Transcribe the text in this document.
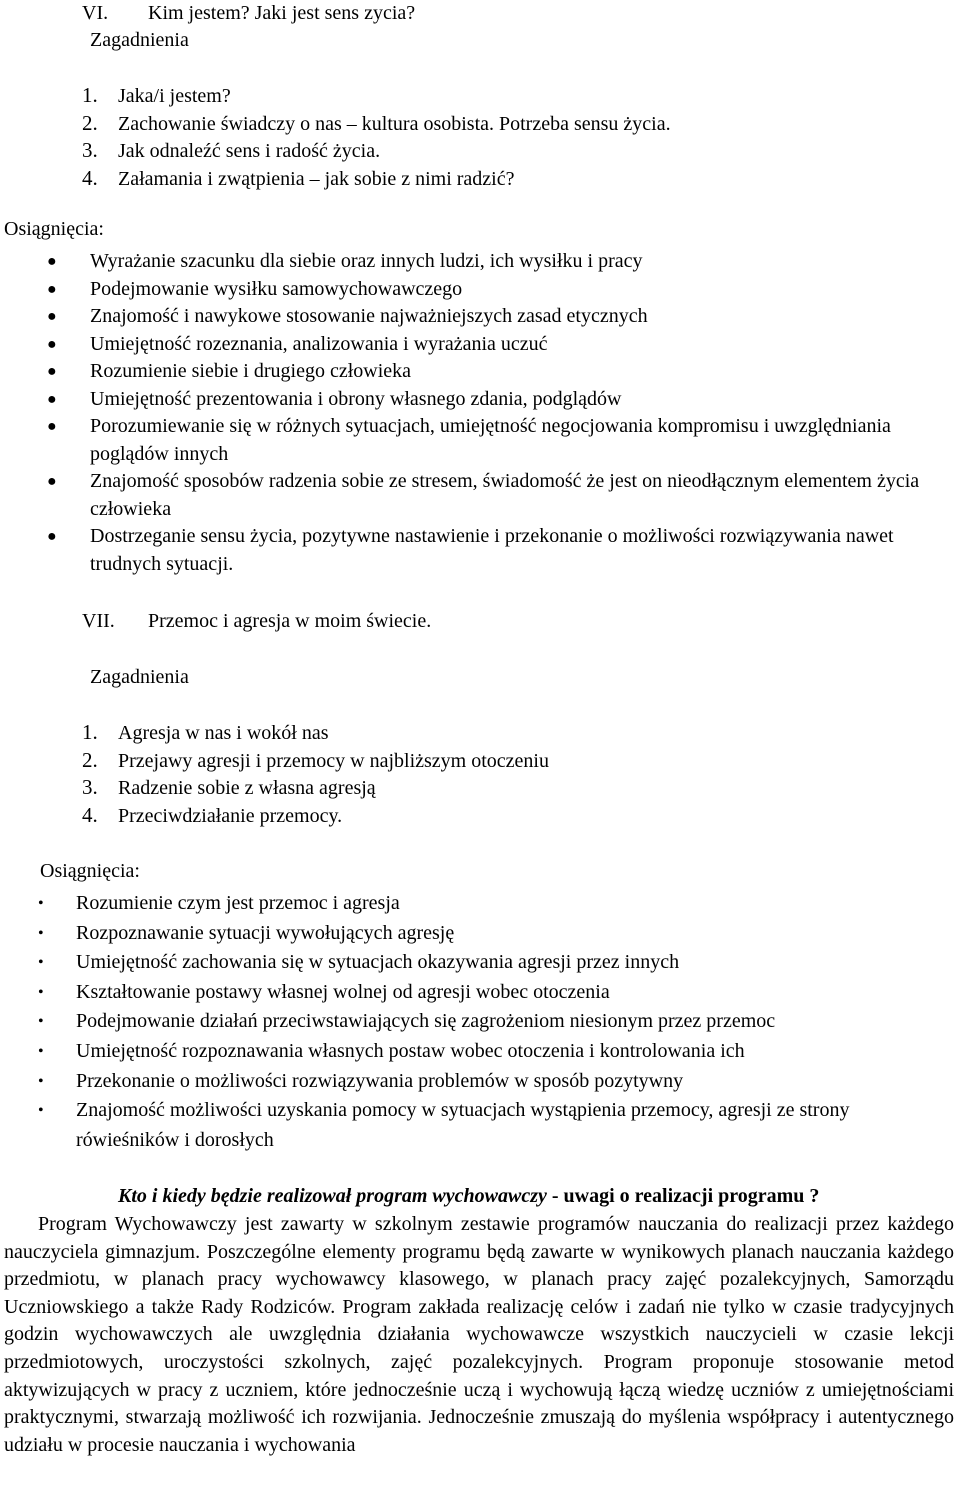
VI. Kim jestem? Jaki jest sens zycia?
Zagadnienia
1. Jaka/i jestem?
2. Zachowanie świadczy o nas – kultura osobista. Potrzeba sensu życia.
3. Jak odnaleźć sens i radość życia.
4. Załamania i zwątpienia – jak sobie z nimi radzić?
Osiągnięcia:
● Wyrażanie szacunku dla siebie oraz innych ludzi, ich wysiłku i pracy
● Podejmowanie wysiłku samowychowawczego
● Znajomość i nawykowe stosowanie najważniejszych zasad etycznych
● Umiejętność rozeznania, analizowania i wyrażania uczuć
● Rozumienie siebie i drugiego człowieka
● Umiejętność prezentowania i obrony własnego zdania, podglądów
● Porozumiewanie się w różnych sytuacjach, umiejętność negocjowania kompromisu i uwzględniania poglądów innych
● Znajomość sposobów radzenia sobie ze stresem, świadomość że jest on nieodłącznym elementem życia człowieka
● Dostrzeganie sensu życia, pozytywne nastawienie i przekonanie o możliwości rozwiązywania nawet trudnych sytuacji.
VII. Przemoc i agresja w moim świecie.
Zagadnienia
1. Agresja w nas i wokół nas
2. Przejawy agresji i przemocy w najbliższym otoczeniu
3. Radzenie sobie z własna agresją
4. Przeciwdziałanie przemocy.
Osiągnięcia:
• Rozumienie czym jest przemoc i agresja
• Rozpoznawanie sytuacji wywołujących agresję
• Umiejętność zachowania się w sytuacjach okazywania agresji przez innych
• Kształtowanie postawy własnej wolnej od agresji wobec otoczenia
• Podejmowanie działań przeciwstawiających się zagrożeniom niesionym przez przemoc
• Umiejętność rozpoznawania własnych postaw wobec otoczenia i kontrolowania ich
• Przekonanie o możliwości rozwiązywania problemów w sposób pozytywny
• Znajomość możliwości uzyskania pomocy w sytuacjach wystąpienia przemocy, agresji ze strony rówieśników i dorosłych
Kto i kiedy będzie realizował program wychowawczy - uwagi o realizacji programu ?
Program Wychowawczy jest zawarty w szkolnym zestawie programów nauczania do realizacji przez każdego nauczyciela gimnazjum. Poszczególne elementy programu będą zawarte w wynikowych planach nauczania każdego przedmiotu, w planach pracy wychowawcy klasowego, w planach pracy zajęć pozalekcyjnych, Samorządu Uczniowskiego a także Rady Rodziców. Program zakłada realizację celów i zadań nie tylko w czasie tradycyjnych godzin wychowawczych ale uwzględnia działania wychowawcze wszystkich nauczycieli w czasie lekcji przedmiotowych, uroczystości szkolnych, zajęć pozalekcyjnych. Program proponuje stosowanie metod aktywizujących w pracy z uczniem, które jednocześnie uczą i wychowują łączą wiedzę uczniów z umiejętnościami praktycznymi, stwarzają możliwość ich rozwijania. Jednocześnie zmuszają do myślenia współpracy i autentycznego udziału w procesie nauczania i wychowania
